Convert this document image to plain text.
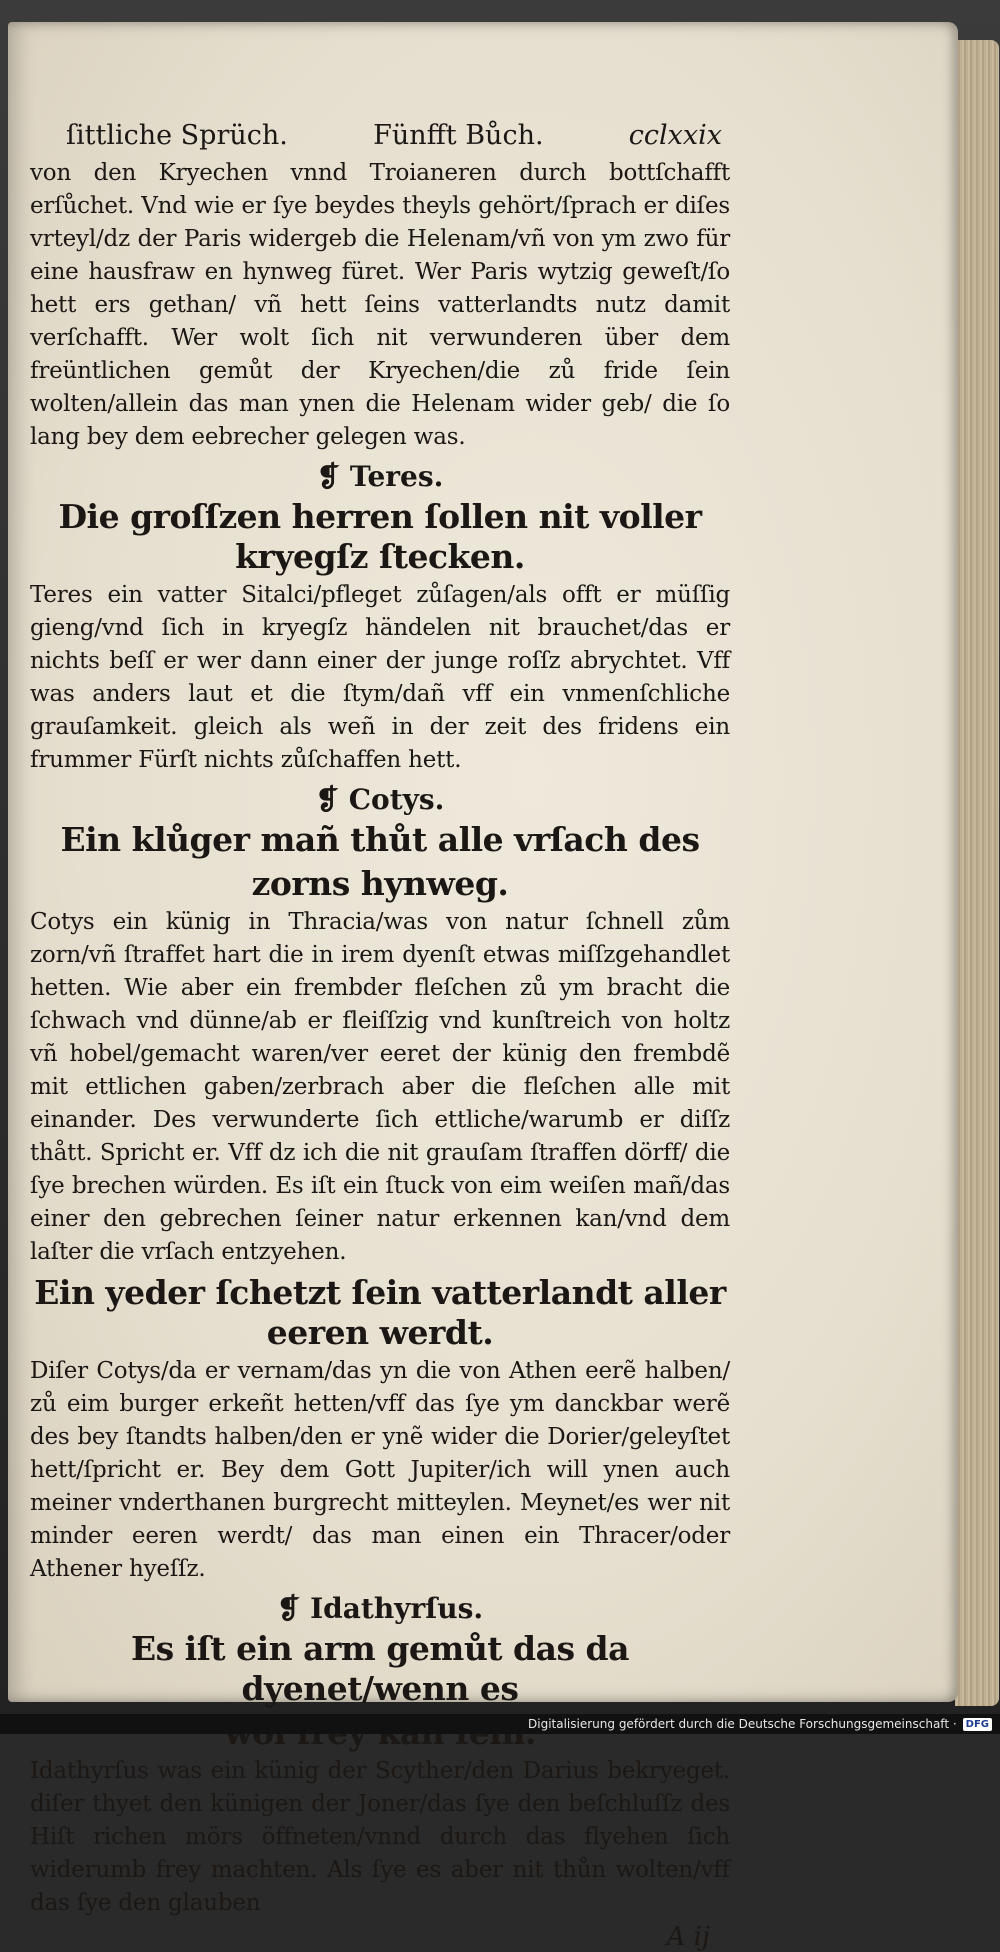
ſittliche Sprüch.	Fünfft Bůch.	cclxxix

von den Kryechen vnnd Troianeren durch bottſchafft erſůchet. Vnd wie er ſye beydes theyls gehört/ſprach er diſes vrteyl/dz der Paris widergeb die Helenam/vñ von ym zwo für eine hausfraw en hynweg füret. Wer Paris wytzig geweſt/ſo hett ers gethan/ vñ hett ſeins vatterlandts nutz damit verſchafft. Wer wolt ſich nit verwunderen über dem freüntlichen gemůt der Kryechen/die zů fride ſein wolten/allein das man ynen die Helenam wider geb/ die ſo lang bey dem eebrecher gelegen was.

❡ Teres.
Die groſſzen herren ſollen nit voller kryegſz ſtecken.

Teres ein vatter Sitalci/pfleget zůſagen/als offt er müſſig gieng/vnd ſich in kryegſz händelen nit brauchet/das er nichts beſſ er wer dann einer der junge roſſz abrychtet. Vff was anders laut et die ſtym/dañ vff ein vnmenſchliche grauſamkeit. gleich als weñ in der zeit des fridens ein frummer Fürſt nichts zůſchaffen hett.

❡ Cotys.
Ein klůger mañ thůt alle vrſach des
zorns hynweg.

Cotys ein künig in Thracia/was von natur ſchnell zům zorn/vñ ſtraffet hart die in irem dyenſt etwas miſſzgehandlet hetten. Wie aber ein frembder fleſchen zů ym bracht die ſchwach vnd dünne/ab er fleiſſzig vnd kunſtreich von holtz vñ hobel/gemacht waren/ver eeret der künig den frembdẽ mit ettlichen gaben/zerbrach aber die fleſchen alle mit einander. Des verwunderte ſich ettliche/warumb er diſſz thått. Spricht er. Vff dz ich die nit grauſam ſtraffen dörff/ die ſye brechen würden. Es iſt ein ſtuck von eim weiſen mañ/das einer den gebrechen ſeiner natur erkennen kan/vnd dem laſter die vrſach entzyehen.

Ein yeder ſchetzt ſein vatterlandt aller eeren werdt.

Diſer Cotys/da er vernam/das yn die von Athen eerẽ halben/ zů eim burger erkeñt hetten/vff das ſye ym danckbar werẽ des bey ſtandts halben/den er ynẽ wider die Dorier/geleyſtet hett/ſpricht er. Bey dem Gott Jupiter/ich will ynen auch meiner vnderthanen burgrecht mitteylen. Meynet/es wer nit minder eeren werdt/ das man einen ein Thracer/oder Athener hyeſſz.

❡ Idathyrſus.
Es iſt ein arm gemůt das da dyenet/wenn es

Idathyrſus was ein künig der Scyther/den Darius bekryeget. diſer thyet den künigen der Joner/das ſye den beſchluſſz des Hiſt richen mörs öffneten/vnnd durch das flyehen ſich widerumb frey machten. Als ſye es aber nit thůn wolten/vff das ſye den glauben

A ij
Digitalisierung gefördert durch die Deutsche Forschungsgemeinschaft · DFG
